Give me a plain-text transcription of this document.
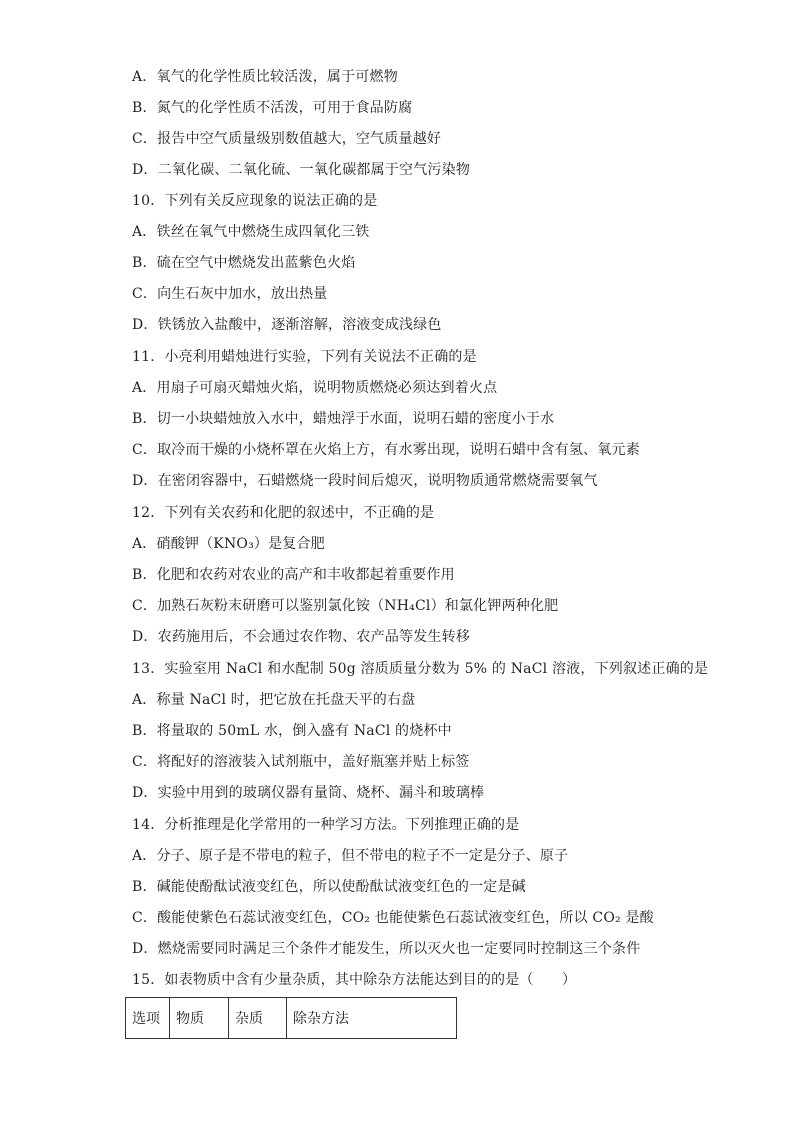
A．氧气的化学性质比较活泼，属于可燃物
B．氮气的化学性质不活泼，可用于食品防腐
C．报告中空气质量级别数值越大，空气质量越好
D．二氧化碳、二氧化硫、一氧化碳都属于空气污染物
10．下列有关反应现象的说法正确的是
A．铁丝在氧气中燃烧生成四氧化三铁
B．硫在空气中燃烧发出蓝紫色火焰
C．向生石灰中加水，放出热量
D．铁锈放入盐酸中，逐渐溶解，溶液变成浅绿色
11．小亮利用蜡烛进行实验，下列有关说法不正确的是
A．用扇子可扇灭蜡烛火焰，说明物质燃烧必须达到着火点
B．切一小块蜡烛放入水中，蜡烛浮于水面，说明石蜡的密度小于水
C．取冷而干燥的小烧杯罩在火焰上方，有水雾出现，说明石蜡中含有氢、氧元素
D．在密闭容器中，石蜡燃烧一段时间后熄灭，说明物质通常燃烧需要氧气
12．下列有关农药和化肥的叙述中，不正确的是
A．硝酸钾（KNO₃）是复合肥
B．化肥和农药对农业的高产和丰收都起着重要作用
C．加熟石灰粉末研磨可以鉴别氯化铵（NH₄Cl）和氯化钾两种化肥
D．农药施用后，不会通过农作物、农产品等发生转移
13．实验室用 NaCl 和水配制 50g 溶质质量分数为 5% 的 NaCl 溶液，下列叙述正确的是
A．称量 NaCl 时，把它放在托盘天平的右盘
B．将量取的 50mL 水，倒入盛有 NaCl 的烧杯中
C．将配好的溶液装入试剂瓶中，盖好瓶塞并贴上标签
D．实验中用到的玻璃仪器有量筒、烧杯、漏斗和玻璃棒
14．分析推理是化学常用的一种学习方法。下列推理正确的是
A．分子、原子是不带电的粒子，但不带电的粒子不一定是分子、原子
B．碱能使酚酞试液变红色，所以使酚酞试液变红色的一定是碱
C．酸能使紫色石蕊试液变红色，CO₂ 也能使紫色石蕊试液变红色，所以 CO₂ 是酸
D．燃烧需要同时满足三个条件才能发生，所以灭火也一定要同时控制这三个条件
15．如表物质中含有少量杂质，其中除杂方法能达到目的的是（　　）
选项	物质	杂质	除杂方法
